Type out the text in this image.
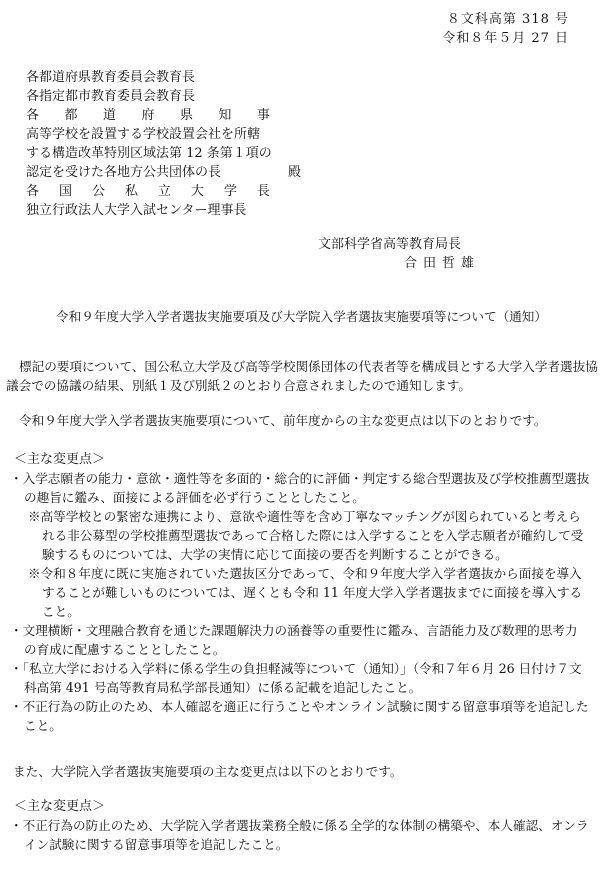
８文科高第 318 号
令和８年５月 27 日
各都道府県教育委員会教育長
各指定都市教育委員会教育長
各 都 道 府 県 知 事
高等学校を設置する学校設置会社を所轄
する構造改革特別区域法第 12 条第１項の
認定を受けた各地方公共団体の長
各 国 公 私 立 大 学 長
独立行政法人大学入試センター理事長
殿
文部科学省高等教育局長
合田哲雄
令和９年度大学入学者選抜実施要項及び大学院入学者選抜実施要項等について（通知）
標記の要項について、国公私立大学及び高等学校関係団体の代表者等を構成員とする大学入学者選抜協議会での協議の結果、別紙１及び別紙２のとおり合意されましたので通知します。
令和９年度大学入学者選抜実施要項について、前年度からの主な変更点は以下のとおりです。
＜主な変更点＞

・入学志願者の能力・意欲・適性等を多面的・総合的に評価・判定する総合型選抜及び学校推薦型選抜の趣旨に鑑み、面接による評価を必ず行うこととしたこと。

※高等学校との緊密な連携により、意欲や適性等を含め丁寧なマッチングが図られていると考えられる非公募型の学校推薦型選抜であって合格した際には入学することを入学志願者が確約して受験するものについては、大学の実情に応じて面接の要否を判断することができる。

※令和８年度に既に実施されていた選抜区分であって、令和９年度大学入学者選抜から面接を導入することが難しいものについては、遅くとも令和 11 年度大学入学者選抜までに面接を導入すること。

・文理横断・文理融合教育を通じた課題解決力の涵養等の重要性に鑑み、言語能力及び数理的思考力の育成に配慮することとしたこと。

・「私立大学における入学料に係る学生の負担軽減等について（通知）」（令和７年６月 26 日付け７文科高第 491 号高等教育局私学部長通知）に係る記載を追記したこと。

・不正行為の防止のため、本人確認を適正に行うことやオンライン試験に関する留意事項等を追記したこと。

また、大学院入学者選抜実施要項の主な変更点は以下のとおりです。
＜主な変更点＞

・不正行為の防止のため、大学院入学者選抜業務全般に係る全学的な体制の構築や、本人確認、オンライン試験に関する留意事項等を追記したこと。
